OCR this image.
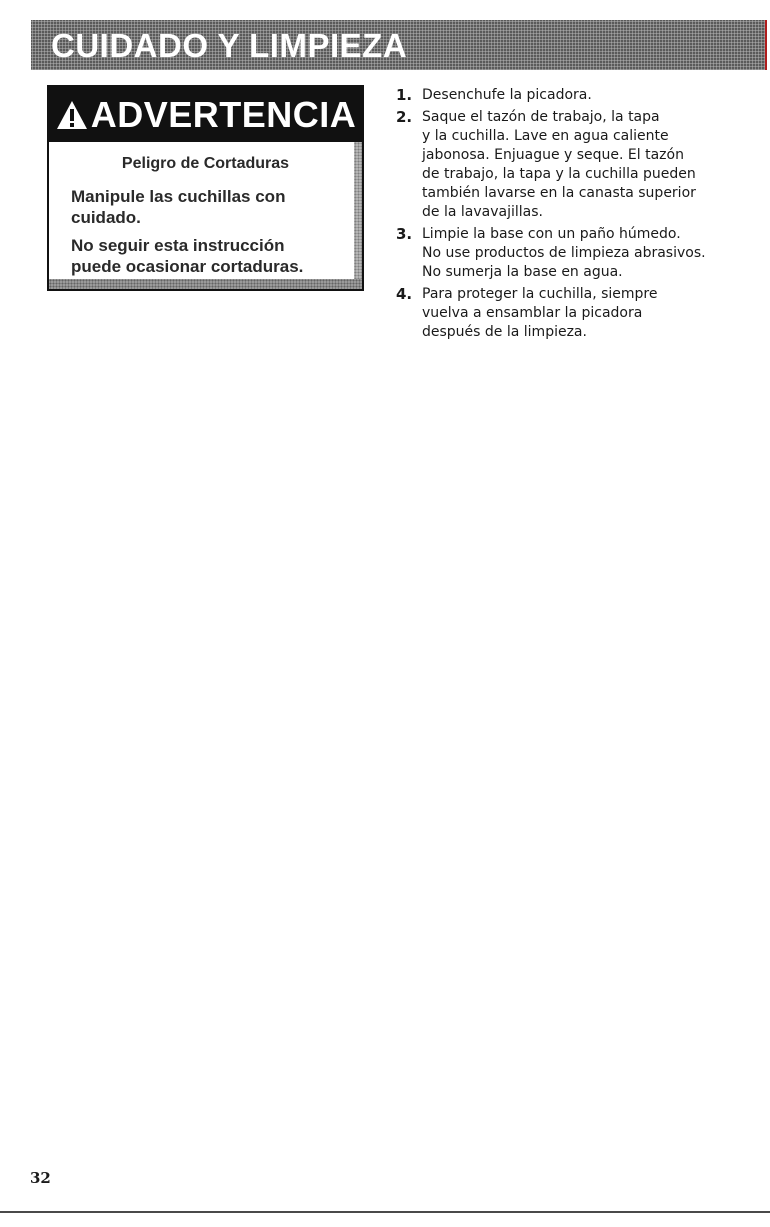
CUIDADO Y LIMPIEZA
ADVERTENCIA
Peligro de Cortaduras

Manipule las cuchillas con
cuidado.

No seguir esta instrucción
puede ocasionar cortaduras.

1. Desenchufe la picadora.
2. Saque el tazón de trabajo, la tapa
y la cuchilla. Lave en agua caliente
jabonosa. Enjuague y seque. El tazón
de trabajo, la tapa y la cuchilla pueden
también lavarse en la canasta superior
de la lavavajillas.
3. Limpie la base con un paño húmedo.
No use productos de limpieza abrasivos.
No sumerja la base en agua.
4. Para proteger la cuchilla, siempre
vuelva a ensamblar la picadora
después de la limpieza.
32
